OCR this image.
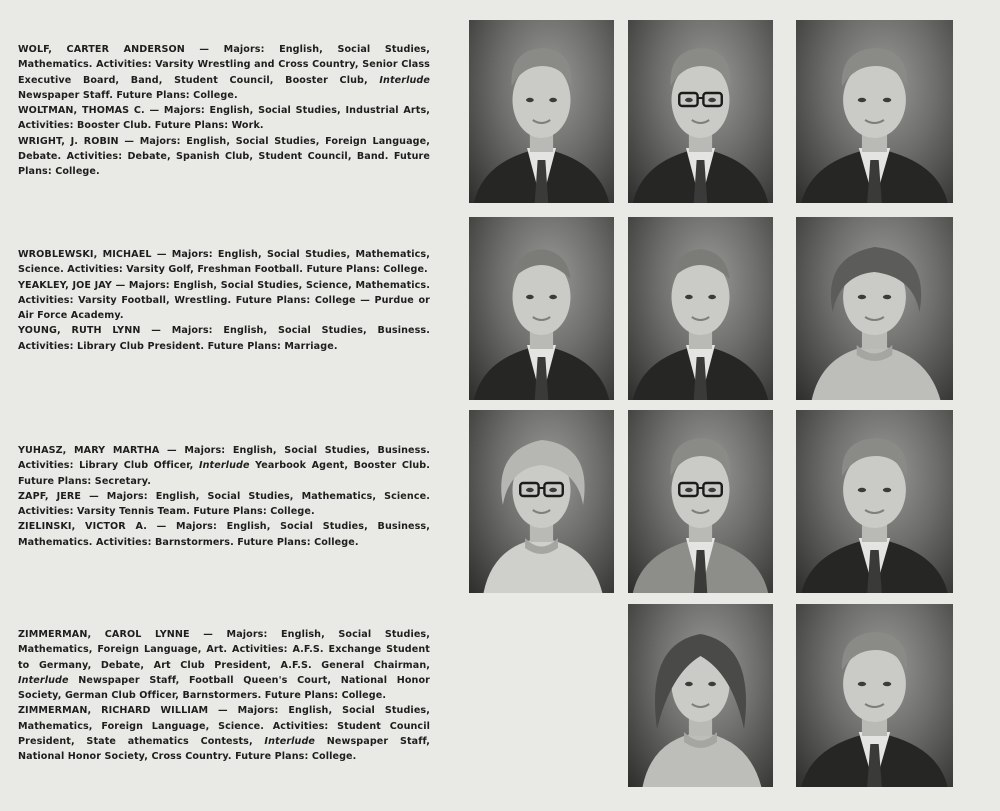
WOLF, CARTER ANDERSON — Majors: English, Social Studies, Mathematics. Activities: Varsity Wrestling and Cross Country, Senior Class Executive Board, Band, Student Council, Booster Club, Interlude Newspaper Staff. Future Plans: College.

WOLTMAN, THOMAS C. — Majors: English, Social Studies, Industrial Arts, Activities: Booster Club. Future Plans: Work.

WRIGHT, J. ROBIN — Majors: English, Social Studies, Foreign Language, Debate. Activities: Debate, Spanish Club, Student Council, Band. Future Plans: College.

WROBLEWSKI, MICHAEL — Majors: English, Social Studies, Mathematics, Science. Activities: Varsity Golf, Freshman Football. Future Plans: College.

YEAKLEY, JOE JAY — Majors: English, Social Studies, Science, Mathematics. Activities: Varsity Football, Wrestling. Future Plans: College — Purdue or Air Force Academy.

YOUNG, RUTH LYNN — Majors: English, Social Studies, Business. Activities: Library Club President. Future Plans: Marriage.

YUHASZ, MARY MARTHA — Majors: English, Social Studies, Business. Activities: Library Club Officer, Interlude Yearbook Agent, Booster Club. Future Plans: Secretary.

ZAPF, JERE — Majors: English, Social Studies, Mathematics, Science. Activities: Varsity Tennis Team. Future Plans: College.

ZIELINSKI, VICTOR A. — Majors: English, Social Studies, Business, Mathematics. Activities: Barnstormers. Future Plans: College.

ZIMMERMAN, CAROL LYNNE — Majors: English, Social Studies, Mathematics, Foreign Language, Art. Activities: A.F.S. Exchange Student to Germany, Debate, Art Club President, A.F.S. General Chairman, Interlude Newspaper Staff, Football Queen's Court, National Honor Society, German Club Officer, Barnstormers. Future Plans: College.

ZIMMERMAN, RICHARD WILLIAM — Majors: English, Social Studies, Mathematics, Foreign Language, Science. Activities: Student Council President, State athematics Contests, Interlude Newspaper Staff, National Honor Society, Cross Country. Future Plans: College.
